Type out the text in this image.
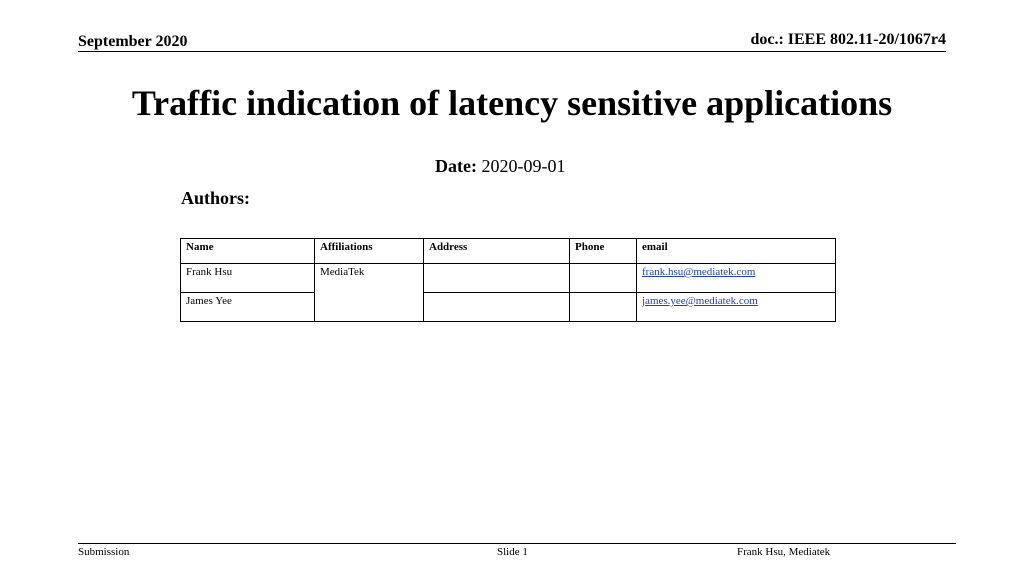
September 2020	doc.: IEEE 802.11-20/1067r4
Traffic indication of latency sensitive applications
Date: 2020-09-01
Authors:
Name	Affiliations	Address	Phone	email
Frank Hsu	MediaTek			frank.hsu@mediatek.com
James Yee				james.yee@mediatek.com
Submission	Slide 1	Frank Hsu, Mediatek
